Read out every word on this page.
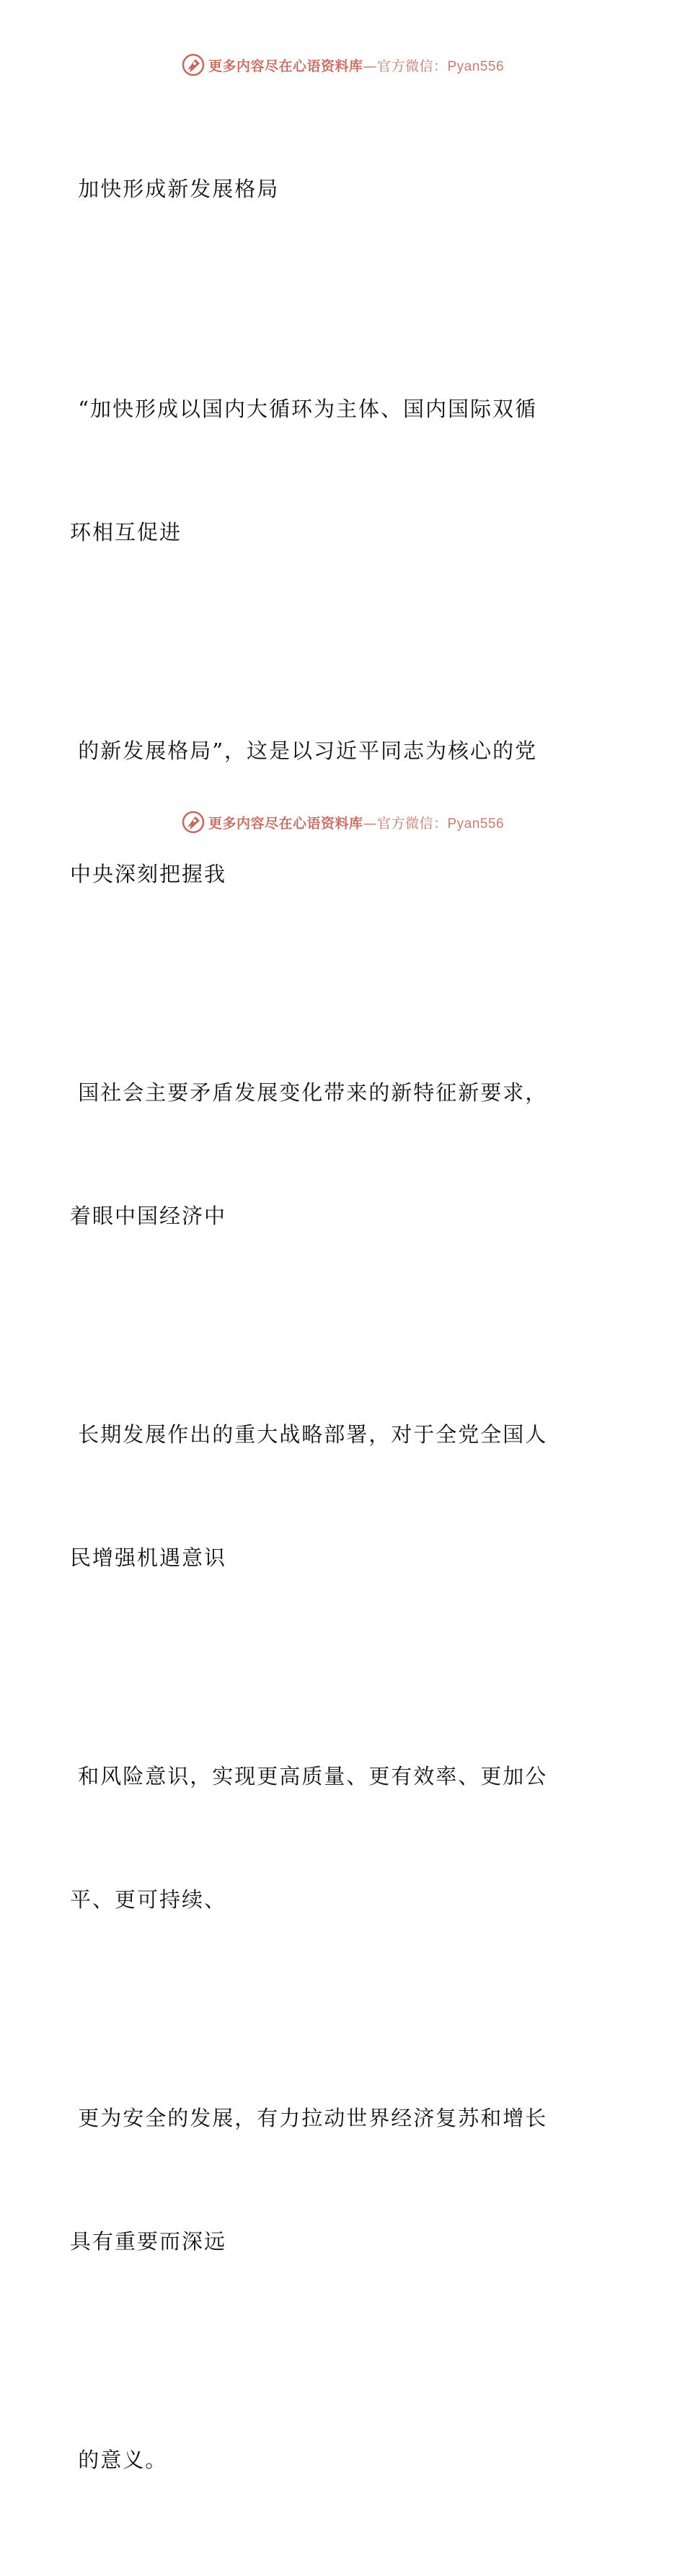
更多内容尽在心语资料库—官方微信：Pyan556

加快形成新发展格局

“加快形成以国内大循环为主体、国内国际双循

环相互促进

的新发展格局”，这是以习近平同志为核心的党

中央深刻把握我

国社会主要矛盾发展变化带来的新特征新要求，

着眼中国经济中

长期发展作出的重大战略部署，对于全党全国人

民增强机遇意识

和风险意识，实现更高质量、更有效率、更加公

平、更可持续、

更为安全的发展，有力拉动世界经济复苏和增长

具有重要而深远

的意义。

更多内容尽在心语资料库—官方微信：Pyan556
